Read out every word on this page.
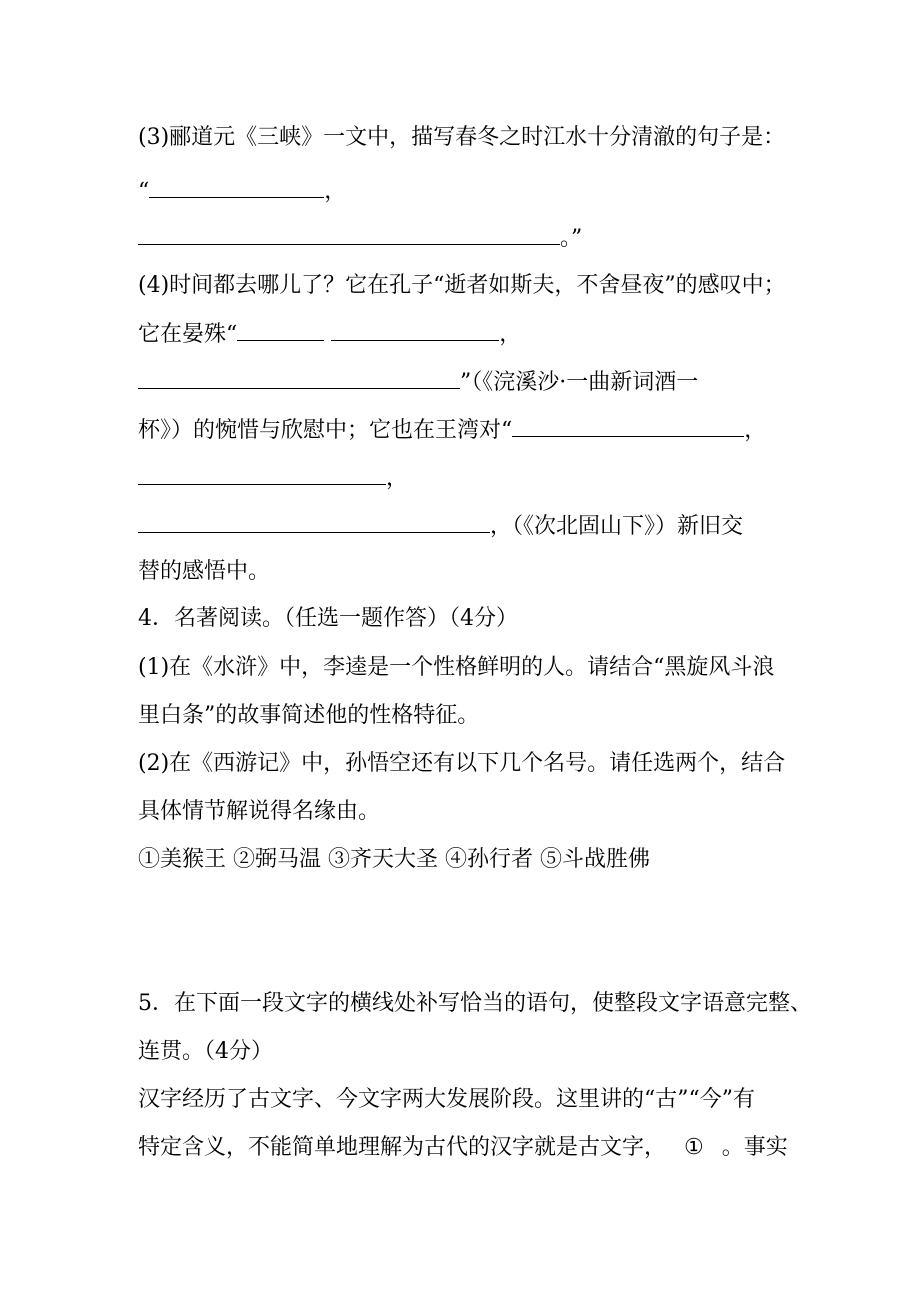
(3)郦道元《三峡》一文中，描写春冬之时江水十分清澈的句子是：
“	，
。”
(4)时间都去哪儿了？它在孔子“逝者如斯夫，不舍昼夜”的感叹中；
它在晏殊“	，
”（《浣溪沙·一曲新词酒一
杯》）的惋惜与欣慰中；它也在王湾对“	，
，
，（《次北固山下》）新旧交
替的感悟中。
4．名著阅读。（任选一题作答）（4分）
(1)在《水浒》中，李逵是一个性格鲜明的人。请结合“黑旋风斗浪
里白条”的故事简述他的性格特征。
(2)在《西游记》中，孙悟空还有以下几个名号。请任选两个，结合
具体情节解说得名缘由。
①美猴王 ②弼马温 ③齐天大圣 ④孙行者 ⑤斗战胜佛
5．在下面一段文字的横线处补写恰当的语句，使整段文字语意完整、
连贯。（4分）
汉字经历了古文字、今文字两大发展阶段。这里讲的“古”“今”有
特定含义，不能简单地理解为古代的汉字就是古文字， ① 。事实
